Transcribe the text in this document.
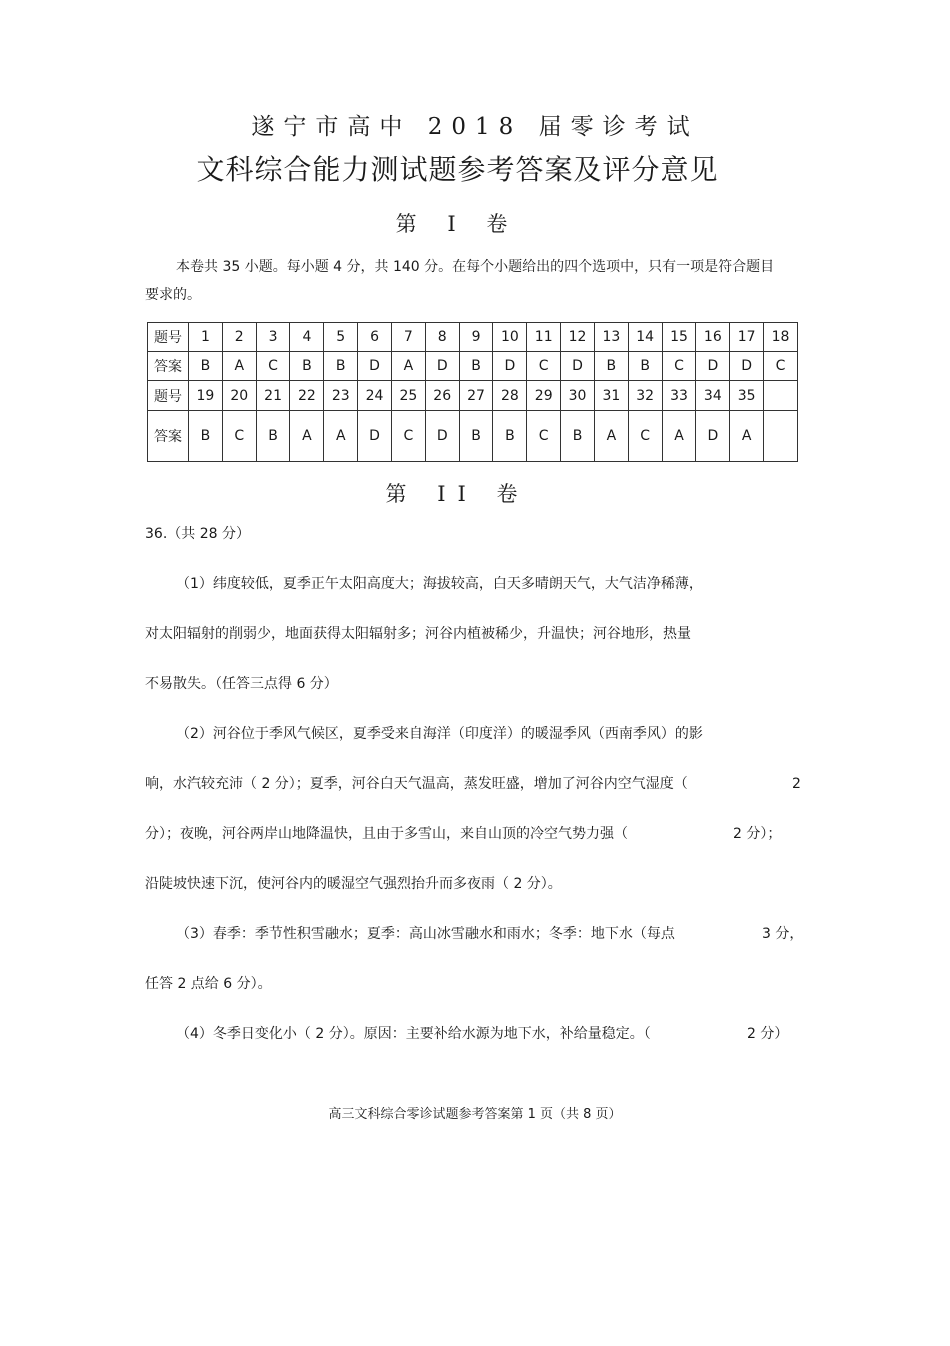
遂宁市高中 2018 届零诊考试
文科综合能力测试题参考答案及评分意见
第 I 卷
本卷共 35 小题。每小题 4 分，共 140 分。在每个小题给出的四个选项中，只有一项是符合题目
要求的。
题号	1	2	3	4	5	6	7	8	9	10	11	12	13	14	15	16	17	18
答案	B	A	C	B	B	D	A	D	B	D	C	D	B	B	C	D	D	C
题号	19	20	21	22	23	24	25	26	27	28	29	30	31	32	33	34	35	
答案	B	C	B	A	A	D	C	D	B	B	C	B	A	C	A	D	A	
第 II 卷
36.（共 28 分）
（1）纬度较低，夏季正午太阳高度大；海拔较高，白天多晴朗天气，大气洁净稀薄，
对太阳辐射的削弱少，地面获得太阳辐射多；河谷内植被稀少，升温快；河谷地形，热量
不易散失。（任答三点得 6 分）
（2）河谷位于季风气候区，夏季受来自海洋（印度洋）的暖湿季风（西南季风）的影
响，水汽较充沛（ 2 分）；夏季，河谷白天气温高，蒸发旺盛，增加了河谷内空气湿度（	2
分）；夜晚，河谷两岸山地降温快，且由于多雪山，来自山顶的冷空气势力强（	2 分）；
沿陡坡快速下沉，使河谷内的暖湿空气强烈抬升而多夜雨（ 2 分）。
（3）春季：季节性积雪融水；夏季：高山冰雪融水和雨水；冬季：地下水（每点	3 分，
任答 2 点给 6 分）。
（4）冬季日变化小（ 2 分）。原因：主要补给水源为地下水，补给量稳定。（	2 分）
高三文科综合零诊试题参考答案第 1 页（共 8 页）
